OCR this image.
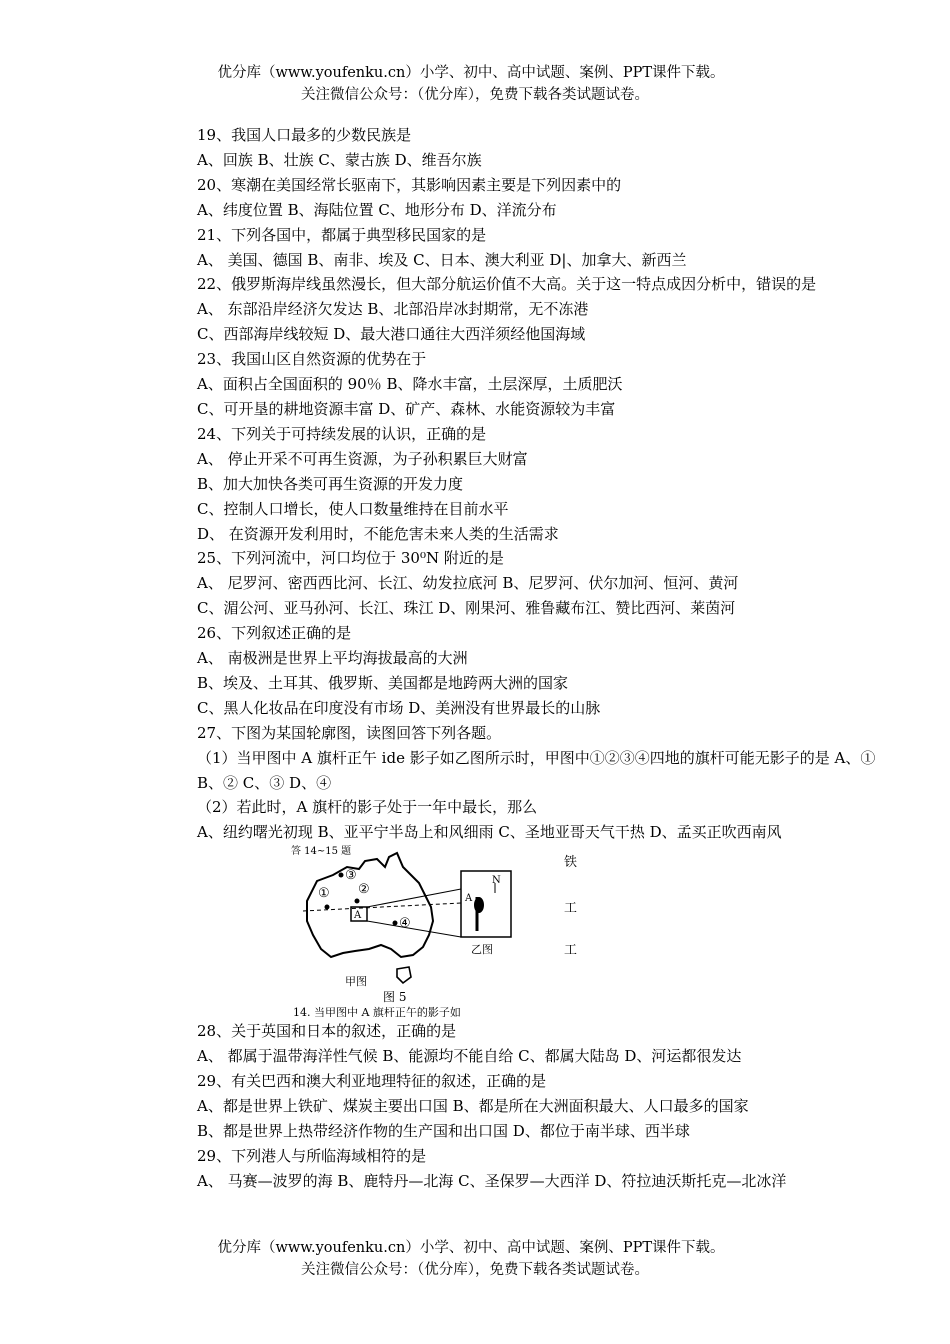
优分库（www.youfenku.cn）小学、初中、高中试题、案例、PPT课件下载。
关注微信公众号：（优分库），免费下载各类试题试卷。

19、我国人口最多的少数民族是

A、回族 B、壮族 C、蒙古族 D、维吾尔族

20、寒潮在美国经常长驱南下，其影响因素主要是下列因素中的

A、纬度位置 B、海陆位置 C、地形分布 D、洋流分布

21、下列各国中，都属于典型移民国家的是

A、 美国、德国 B、南非、埃及 C、日本、澳大利亚 D|、加拿大、新西兰

22、俄罗斯海岸线虽然漫长，但大部分航运价值不大高。关于这一特点成因分析中，错误的是

A、 东部沿岸经济欠发达 B、北部沿岸冰封期常，无不冻港

C、西部海岸线较短 D、最大港口通往大西洋须经他国海域

23、我国山区自然资源的优势在于

A、面积占全国面积的 90％ B、降水丰富，土层深厚，土质肥沃

C、可开垦的耕地资源丰富 D、矿产、森林、水能资源较为丰富

24、下列关于可持续发展的认识，正确的是

A、 停止开采不可再生资源，为子孙积累巨大财富

B、加大加快各类可再生资源的开发力度

C、控制人口增长，使人口数量维持在目前水平

D、 在资源开发利用时，不能危害未来人类的生活需求

25、下列河流中，河口均位于 30⁰N 附近的是

A、 尼罗河、密西西比河、长江、幼发拉底河 B、尼罗河、伏尔加河、恒河、黄河

C、湄公河、亚马孙河、长江、珠江 D、刚果河、雅鲁藏布江、赞比西河、莱茵河

26、下列叙述正确的是

A、 南极洲是世界上平均海拔最高的大洲

B、埃及、土耳其、俄罗斯、美国都是地跨两大洲的国家

C、黑人化妆品在印度没有市场 D、美洲没有世界最长的山脉

27、下图为某国轮廓图，读图回答下列各题。

（1）当甲图中 A 旗杆正午 ide 影子如乙图所示时，甲图中①②③④四地的旗杆可能无影子的是 A、① B、② C、③ D、④

（2）若此时，A 旗杆的影子处于一年中最长，那么

A、纽约曙光初现 B、亚平宁半岛上和风细雨 C、圣地亚哥天气干热 D、孟买正吹西南风

答 14~15 题
① ②
③
④
A
N
A
乙图
甲图
图 5
14. 当甲图中 A 旗杆正午的影子如
铁
工
工

28、关于英国和日本的叙述，正确的是

A、 都属于温带海洋性气候 B、能源均不能自给 C、都属大陆岛 D、河运都很发达

29、有关巴西和澳大利亚地理特征的叙述，正确的是

A、都是世界上铁矿、煤炭主要出口国 B、都是所在大洲面积最大、人口最多的国家

B、都是世界上热带经济作物的生产国和出口国 D、都位于南半球、西半球

29、下列港人与所临海域相符的是

A、 马赛—波罗的海 B、鹿特丹—北海 C、圣保罗—大西洋 D、符拉迪沃斯托克—北冰洋

优分库（www.youfenku.cn）小学、初中、高中试题、案例、PPT课件下载。
关注微信公众号：（优分库），免费下载各类试题试卷。
